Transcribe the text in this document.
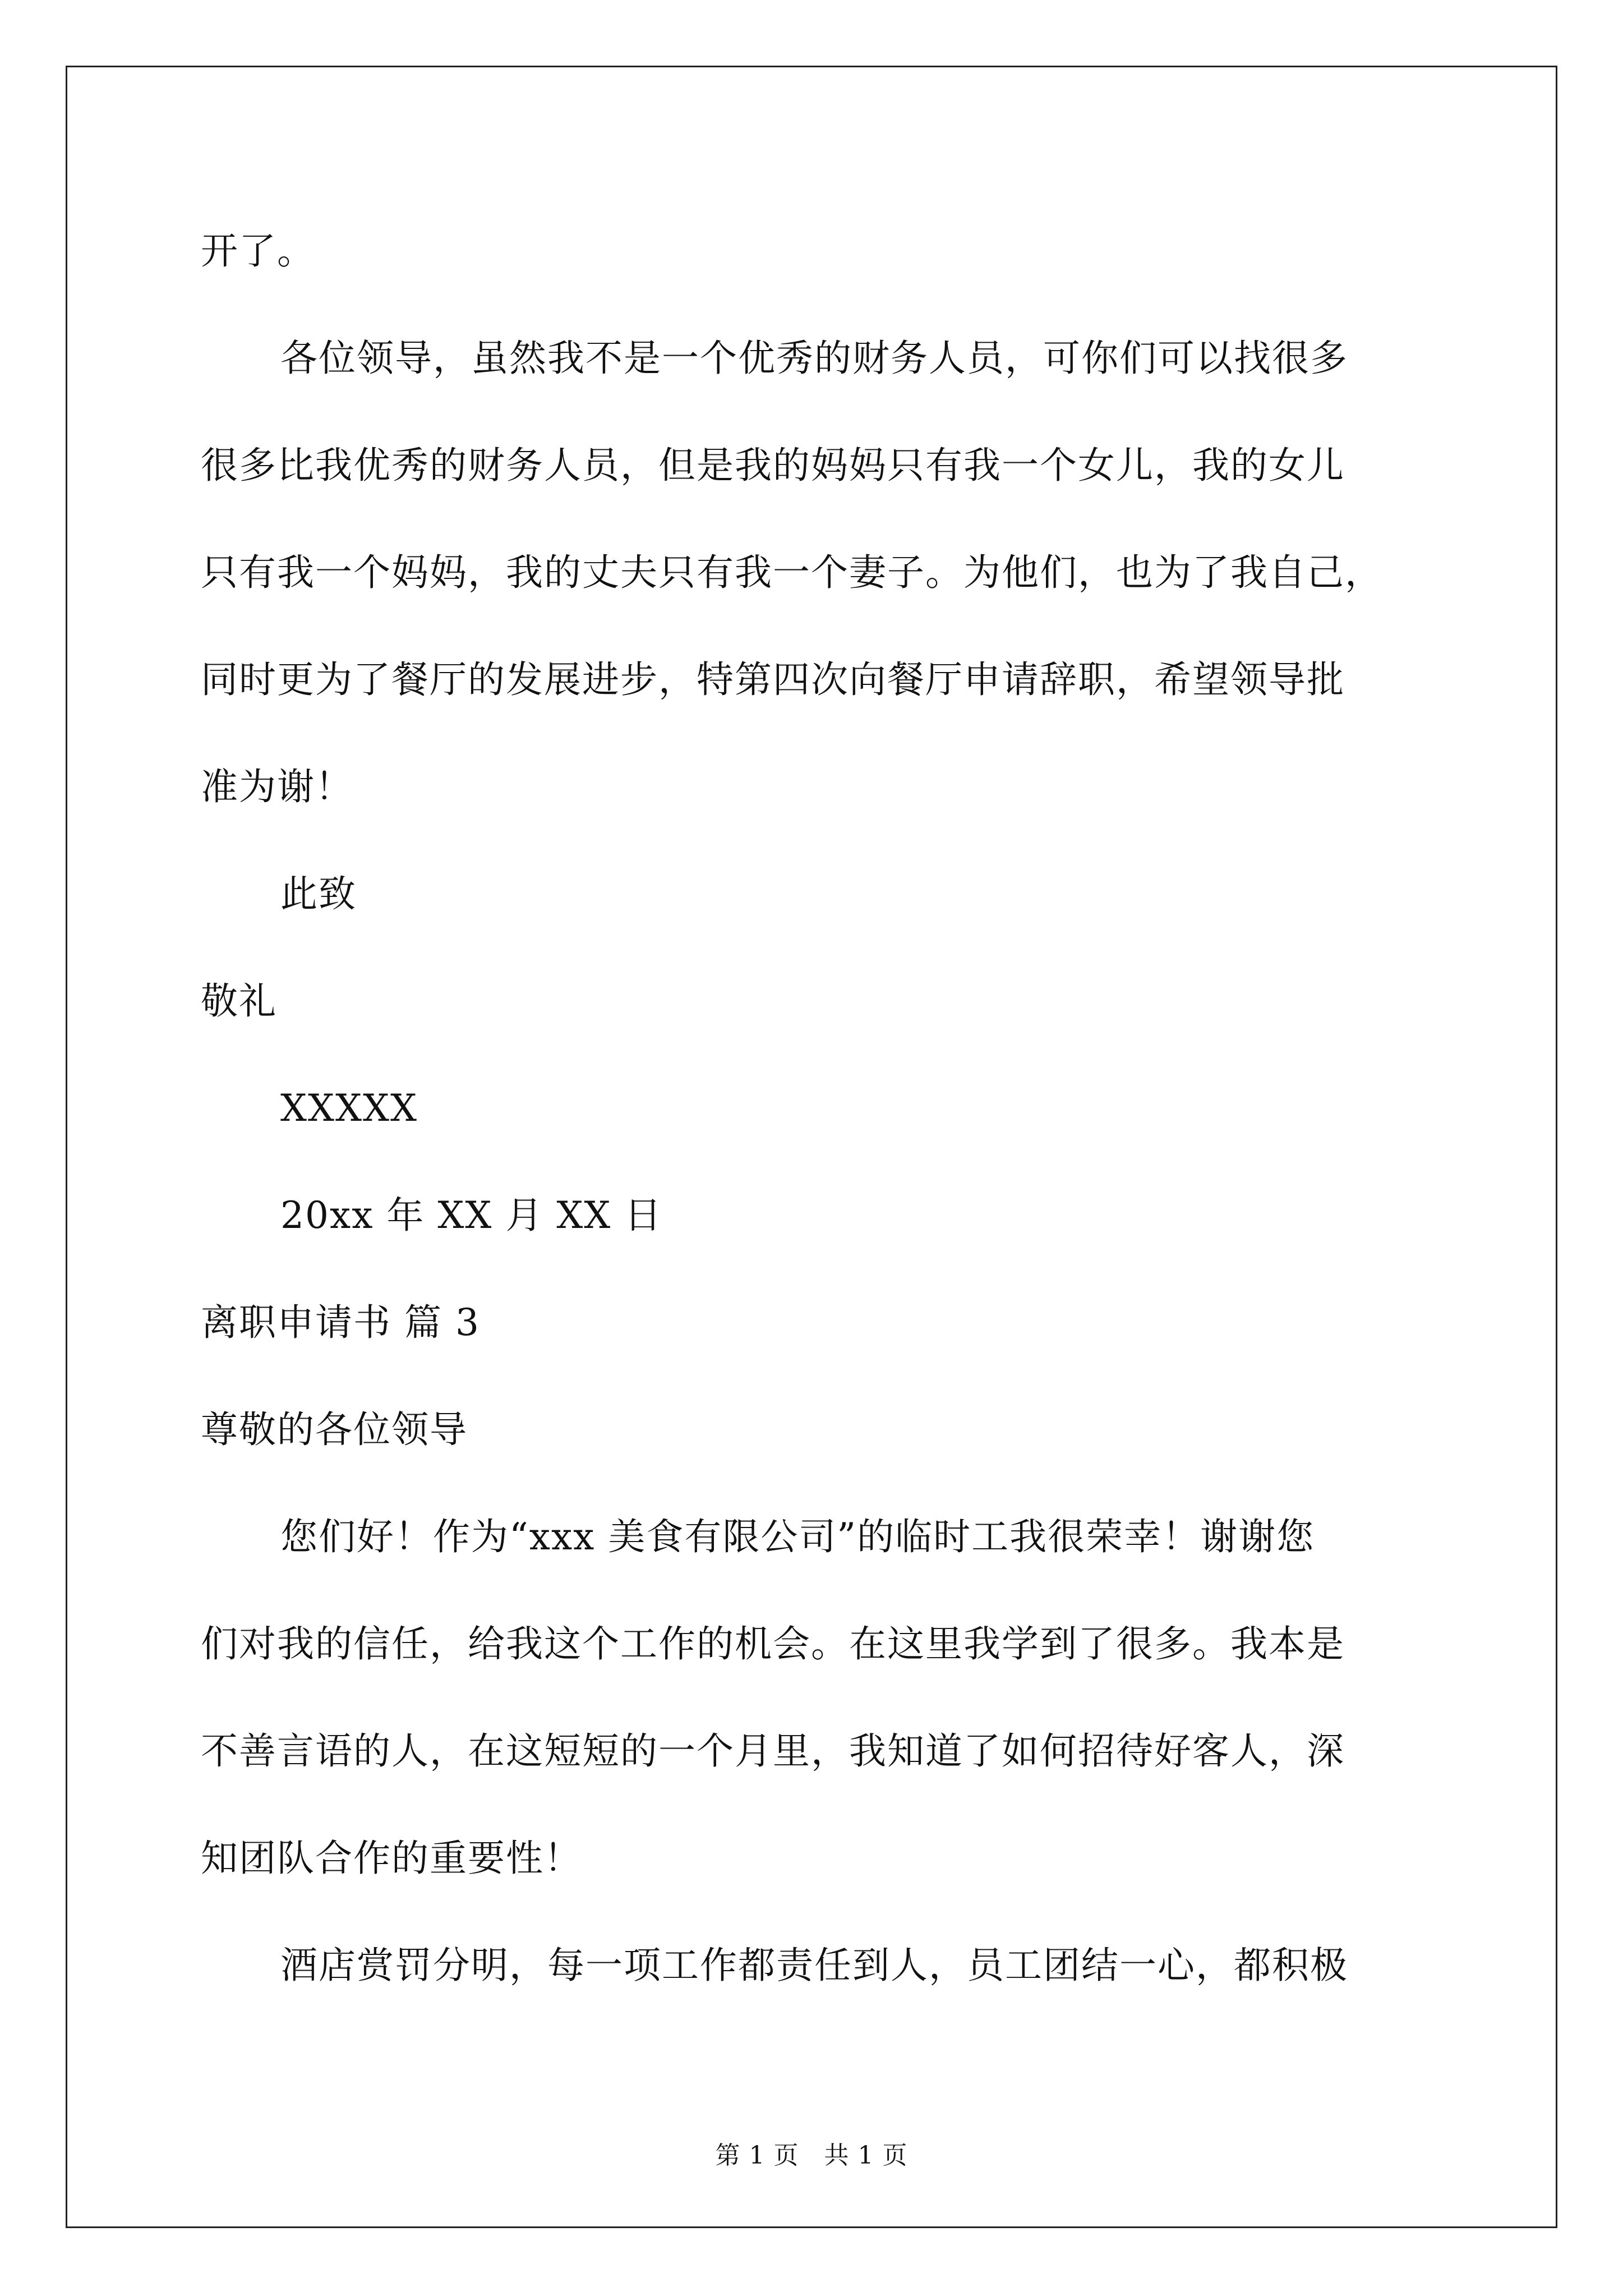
开了。
各位领导，虽然我不是一个优秀的财务人员，可你们可以找很多
很多比我优秀的财务人员，但是我的妈妈只有我一个女儿，我的女儿
只有我一个妈妈，我的丈夫只有我一个妻子。为他们，也为了我自己，
同时更为了餐厅的发展进步，特第四次向餐厅申请辞职，希望领导批
准为谢！
此致
敬礼
XXXXX
20xx 年 XX 月 XX 日
离职申请书 篇 3
尊敬的各位领导
您们好！作为“xxx 美食有限公司”的临时工我很荣幸！谢谢您
们对我的信任，给我这个工作的机会。在这里我学到了很多。我本是
不善言语的人，在这短短的一个月里，我知道了如何招待好客人，深
知团队合作的重要性！
酒店赏罚分明，每一项工作都责任到人，员工团结一心，都积极
第 1 页　共 1 页
